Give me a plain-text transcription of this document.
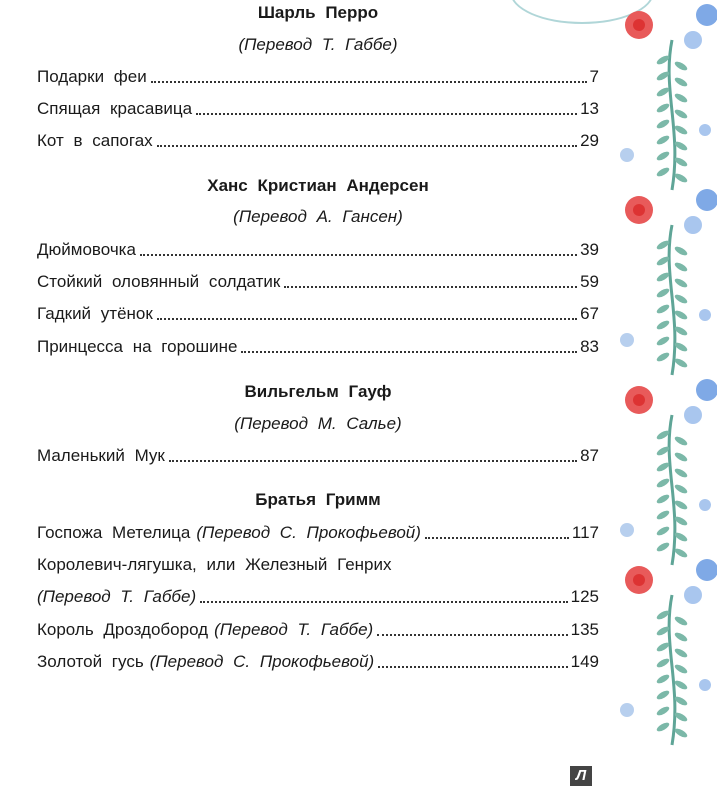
Шарль Перро
(Перевод Т. Габбе)
Подарки феи	7
Спящая красавица	13
Кот в сапогах	29
Ханс Кристиан Андерсен
(Перевод А. Гансен)
Дюймовочка	39
Стойкий оловянный солдатик	59
Гадкий утёнок	67
Принцесса на горошине	83
Вильгельм Гауф
(Перевод М. Салье)
Маленький Мук	87
Братья Гримм
Госпожа Метелица (Перевод С. Прокофьевой)	117
Королевич-лягушка, или Железный Генрих
(Перевод Т. Габбе)	125
Король Дроздобород (Перевод Т. Габбе)	135
Золотой гусь (Перевод С. Прокофьевой)	149
Л
